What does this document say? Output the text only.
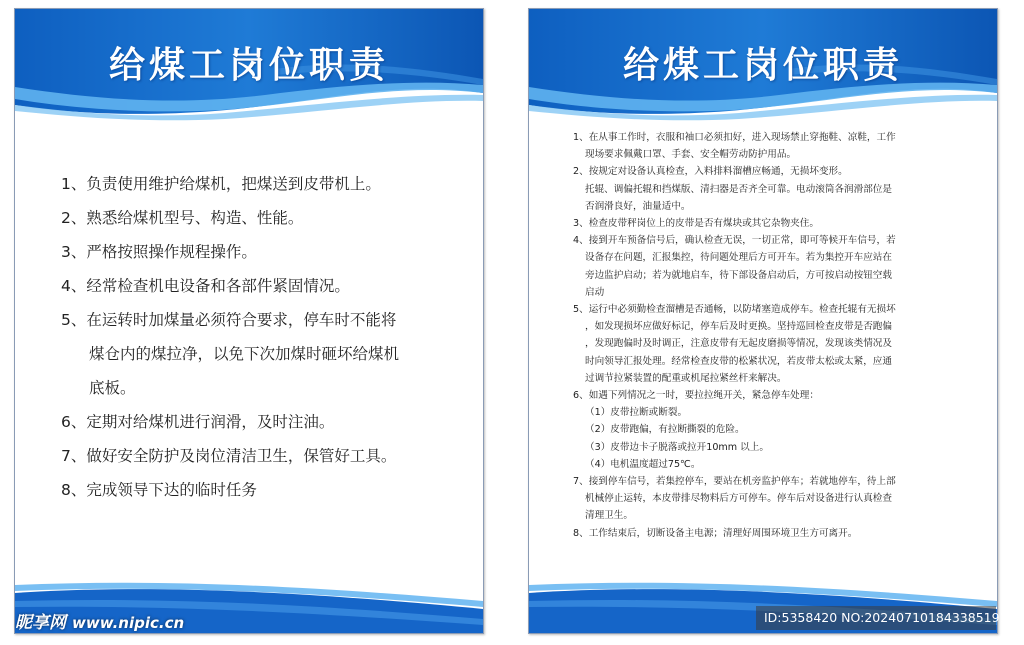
给煤工岗位职责
1、负责使用维护给煤机，把煤送到皮带机上。
2、熟悉给煤机型号、构造、性能。
3、严格按照操作规程操作。
4、经常检查机电设备和各部件紧固情况。
5、在运转时加煤量必须符合要求，停车时不能将
煤仓内的煤拉净，以免下次加煤时砸坏给煤机
底板。
6、定期对给煤机进行润滑，及时注油。
7、做好安全防护及岗位清洁卫生，保管好工具。
8、完成领导下达的临时任务
给煤工岗位职责
1、在从事工作时，衣服和袖口必须扣好，进入现场禁止穿拖鞋、凉鞋，工作
现场要求佩戴口罩、手套、安全帽劳动防护用品。
2、按规定对设备认真检查，入料排料溜槽应畅通，无损坏变形。
托辊、调偏托辊和挡煤版、清扫器是否齐全可靠。电动滚筒各润滑部位是
否润滑良好，油量适中。
3、检查皮带秤岗位上的皮带是否有煤块或其它杂物夹住。
4、接到开车预备信号后，确认检查无误，一切正常，即可等候开车信号，若
设备存在问题，汇报集控，待问题处理后方可开车。若为集控开车应站在
旁边监护启动；若为就地启车，待下部设备启动后，方可按启动按钮空载
启动
5、运行中必须勤检查溜槽是否通畅，以防堵塞造成停车。检查托辊有无损坏
，如发现损坏应做好标记，停车后及时更换。坚持巡回检查皮带是否跑偏
，发现跑偏时及时调正，注意皮带有无起皮磨损等情况，发现该类情况及
时向领导汇报处理。经常检查皮带的松紧状况，若皮带太松或太紧，应通
过调节拉紧装置的配重或机尾拉紧丝杆来解决。
6、如遇下列情况之一时，要拉拉绳开关，紧急停车处理：
（1）皮带拉断或断裂。
（2）皮带跑偏，有拉断撕裂的危险。
（3）皮带边卡子脱落或拉开10mm 以上。
（4）电机温度超过75℃。
7、接到停车信号，若集控停车，要站在机旁监护停车；若就地停车，待上部
机械停止运转，本皮带排尽物料后方可停车。停车后对设备进行认真检查
清理卫生。
8、工作结束后，切断设备主电源；清理好周围环境卫生方可离开。
昵享网 www.nipic.cn	ID:5358420 NO:20240710184338519102
